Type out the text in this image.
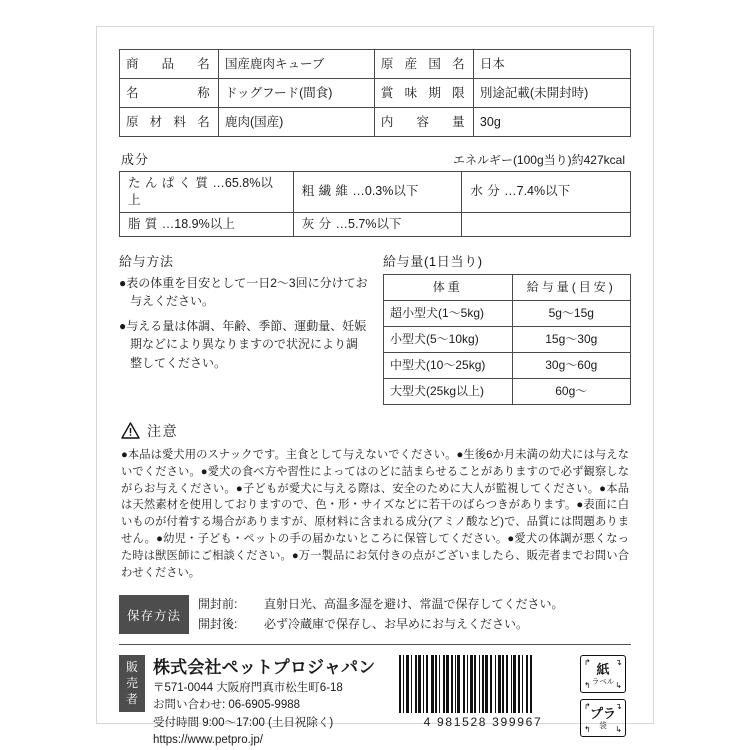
商品名	国産鹿肉キューブ	原産国名	日本
名称	ドッグフード(間食)	賞味期限	別途記載(未開封時)
原材料名	鹿肉(国産)	内容量	30g
成分	エネルギー(100g当り)約427kcal
たんぱく質…65.8%以上	粗繊維…0.3%以下	水分…7.4%以下
脂質…18.9%以上	灰分…5.7%以下	
給与方法

●表の体重を目安として一日2〜3回に分けてお与えください。

●与える量は体調、年齢、季節、運動量、妊娠期などにより異なりますので状況により調整してください。

給与量(1日当り)
体重	給与量(目安)
超小型犬(1〜5kg)	5g〜15g
小型犬(5〜10kg)	15g〜30g
中型犬(10〜25kg)	30g〜60g
大型犬(25kg以上)	60g〜
注意
●本品は愛犬用のスナックです。主食として与えないでください。●生後6か月未満の幼犬には与えないでください。●愛犬の食べ方や習性によってはのどに詰まらせることがありますので必ず観察しながらお与えください。●子どもが愛犬に与える際は、安全のために大人が監視してください。●本品は天然素材を使用しておりますので、色・形・サイズなどに若干のばらつきがあります。●表面に白いものが付着する場合がありますが、原材料に含まれる成分(アミノ酸など)で、品質には問題ありません。●幼児・子ども・ペットの手の届かないところに保管してください。●愛犬の体調が悪くなった時は獣医師にご相談ください。●万一製品にお気付きの点がございましたら、販売者までお問い合わせください。
保存方法
開封前: 直射日光、高温多湿を避け、常温で保存してください。
開封後: 必ず冷蔵庫で保存し、お早めにお与えください。
販売者
株式会社ペットプロジャパン
〒571-0044 大阪府門真市松生町6-18
お問い合わせ: 06-6905-9988
受付時間 9:00〜17:00 (土日祝除く)
https://www.petpro.jp/
4 981528 399967
↱	↴
↰	↳
紙
ラベル
↱	↴
↰	↳
プラ
袋
